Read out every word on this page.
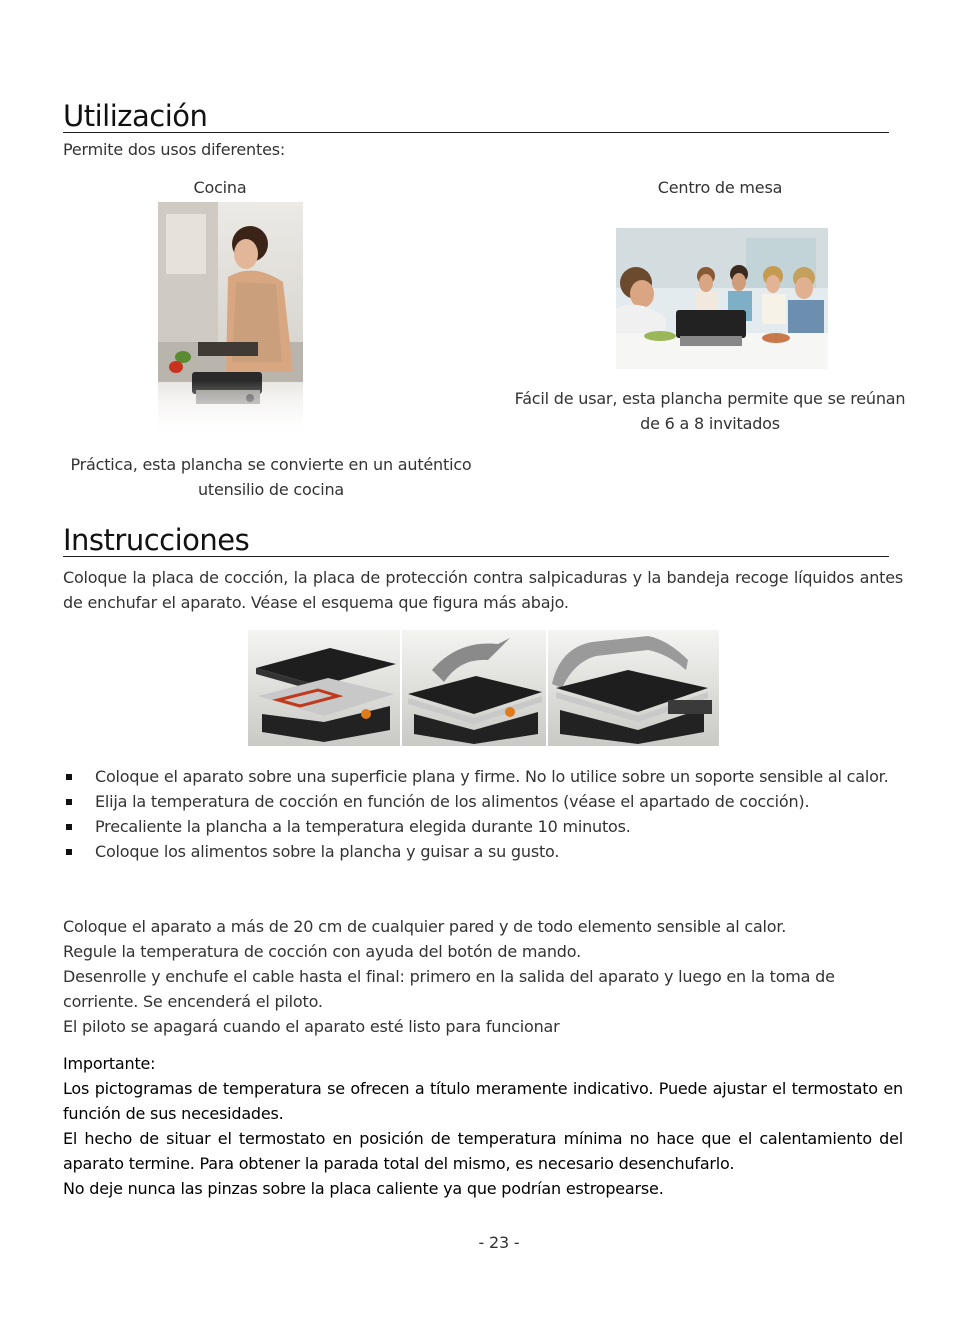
Utilización
Permite dos usos diferentes:
Cocina
Práctica, esta plancha se convierte en un auténtico
utensilio de cocina
Centro de mesa
Fácil de usar, esta plancha permite que se reúnan
de 6 a 8 invitados
Instrucciones
Coloque la placa de cocción, la placa de protección contra salpicaduras y la bandeja recoge líquidos antes de enchufar el aparato. Véase el esquema que figura más abajo.
Coloque el aparato sobre una superficie plana y firme. No lo utilice sobre un soporte sensible al calor.
Elija la temperatura de cocción en función de los alimentos (véase el apartado de cocción).
Precaliente la plancha a la temperatura elegida durante 10 minutos.
Coloque los alimentos sobre la plancha y guisar a su gusto.
Coloque el aparato a más de 20 cm de cualquier pared y de todo elemento sensible al calor.
Regule la temperatura de cocción con ayuda del botón de mando.
Desenrolle y enchufe el cable hasta el final: primero en la salida del aparato y luego en la toma de corriente. Se encenderá el piloto.
El piloto se apagará cuando el aparato esté listo para funcionar
Importante:
Los pictogramas de temperatura se ofrecen a título meramente indicativo. Puede ajustar el termostato en función de sus necesidades.
El hecho de situar el termostato en posición de temperatura mínima no hace que el calentamiento del aparato termine. Para obtener la parada total del mismo, es necesario desenchufarlo.
No deje nunca las pinzas sobre la placa caliente ya que podrían estropearse.
- 23 -
